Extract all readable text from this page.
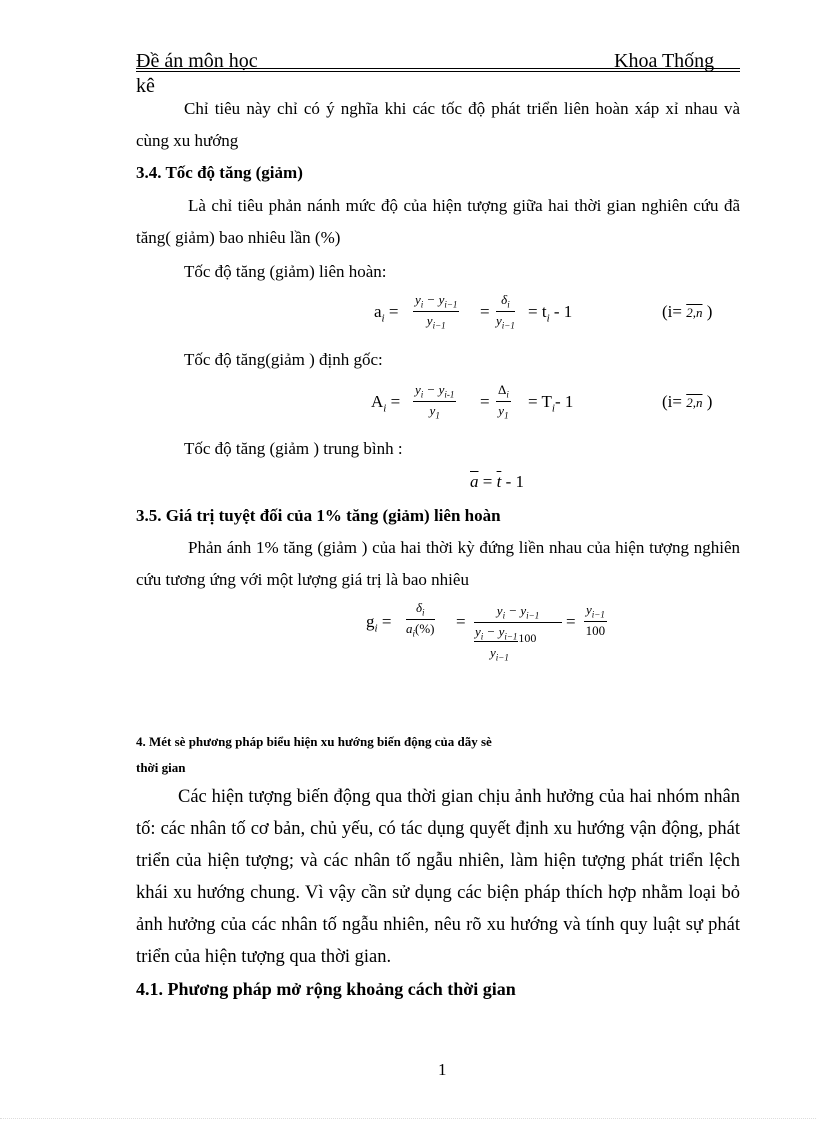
Đề án môn học	Khoa Thống
kê
Chỉ tiêu này chỉ có ý nghĩa khi các tốc độ phát triển liên hoàn xáp xỉ nhau và cùng xu hướng
3.4. Tốc độ tăng (giảm)
Là chỉ tiêu phản nánh mức độ của hiện tượng giữa hai thời gian nghiên cứu đã tăng( giảm) bao nhiêu lần (%)
Tốc độ tăng (giảm) liên hoàn:
$a_i = \frac{y_i - y_{i-1}}{y_{i-1}} = \frac{\delta_i}{y_{i-1}} = t_i - 1$	(i= 2,n )
Tốc độ tăng(giảm ) định gốc:
$A_i = \frac{y_i - y_{i-1}}{y_1} = \frac{\Delta_i}{y_1} = T_i-$ 1	(i= 2,n )
Tốc độ tăng (giảm ) trung bình :
$\overline{a} = \overline{t} - 1$
3.5. Giá trị tuyệt đối của 1% tăng (giảm) liên hoàn
Phản ánh 1% tăng (giảm ) của hai thời kỳ đứng liền nhau của hiện tượng nghiên cứu tương ứng với một lượng giá trị là bao nhiêu
$g_i = \frac{\delta_i}{a_i(\%)}$ =
$y_i - y_{i-1}$
$y_i - y_{i-1}100$
$y_{i-1}$
= $\frac{y_{i-1}}{100}$
4. Mét sè phương pháp biểu hiện xu hướng biến động của dãy sè
thời gian
Các hiện tượng biến động qua thời gian chịu ảnh hưởng của hai nhóm nhân tố: các nhân tố cơ bản, chủ yếu, có tác dụng quyết định xu hướng vận động, phát triển của hiện tượng; và các nhân tố ngẫu nhiên, làm hiện tượng phát triển lệch khái xu hướng chung. Vì vậy cần sử dụng các biện pháp thích hợp nhằm loại bỏ ảnh hưởng của các nhân tố ngẫu nhiên, nêu rõ xu hướng và tính quy luật sự phát triển của hiện tượng qua thời gian.
4.1. Phương pháp mở rộng khoảng cách thời gian
1
